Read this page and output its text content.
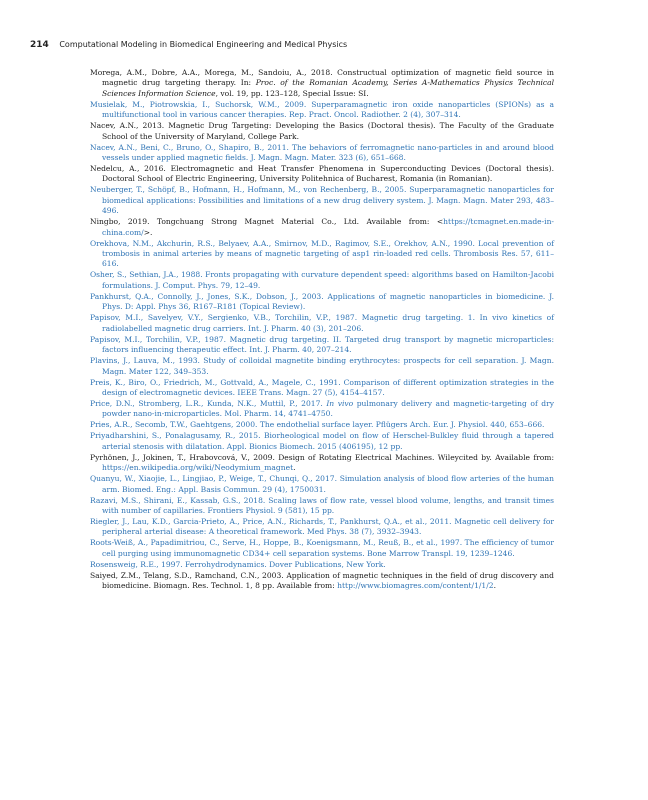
214 Computational Modeling in Biomedical Engineering and Medical Physics

Morega, A.M., Dobre, A.A., Morega, M., Sandoiu, A., 2018. Constructual optimization of magnetic field source in magnetic drug targeting therapy. In: Proc. of the Romanian Academy, Series A-Mathematics Physics Technical Sciences Information Science, vol. 19, pp. 123–128, Special Issue: SI.

Musielak, M., Piotrowskia, I., Suchorsk, W.M., 2009. Superparamagnetic iron oxide nanoparticles (SPIONs) as a multifunctional tool in various cancer therapies. Rep. Pract. Oncol. Radiother. 2 (4), 307–314.

Nacev, A.N., 2013. Magnetic Drug Targeting: Developing the Basics (Doctoral thesis). The Faculty of the Graduate School of the University of Maryland, College Park.

Nacev, A.N., Beni, C., Bruno, O., Shapiro, B., 2011. The behaviors of ferromagnetic nano-particles in and around blood vessels under applied magnetic fields. J. Magn. Magn. Mater. 323 (6), 651–668.

Nedelcu, A., 2016. Electromagnetic and Heat Transfer Phenomena in Superconducting Devices (Doctoral thesis). Doctoral School of Electric Engineering, University Politehnica of Bucharest, Romania (in Romanian).

Neuberger, T., Schöpf, B., Hofmann, H., Hofmann, M., von Rechenberg, B., 2005. Superparamagnetic nanoparticles for biomedical applications: Possibilities and limitations of a new drug delivery system. J. Magn. Magn. Mater 293, 483–496.

Ningbo, 2019. Tongchuang Strong Magnet Material Co., Ltd. Available from: <https://tcmagnet.en.made-in-china.com/>.

Orekhova, N.M., Akchurin, R.S., Belyaev, A.A., Smirnov, M.D., Ragimov, S.E., Orekhov, A.N., 1990. Local prevention of trombosis in animal arteries by means of magnetic targeting of asp1 rin-loaded red cells. Thrombosis Res. 57, 611–616.

Osher, S., Sethian, J.A., 1988. Fronts propagating with curvature dependent speed: algorithms based on Hamilton-Jacobi formulations. J. Comput. Phys. 79, 12–49.

Pankhurst, Q.A., Connolly, J., Jones, S.K., Dobson, J., 2003. Applications of magnetic nanoparticles in biomedicine. J. Phys. D: Appl. Phys 36, R167–R181 (Topical Review).

Papisov, M.I., Savelyev, V.Y., Sergienko, V.B., Torchilin, V.P., 1987. Magnetic drug targeting. 1. In vivo kinetics of radiolabelled magnetic drug carriers. Int. J. Pharm. 40 (3), 201–206.

Papisov, M.I., Torchilin, V.P., 1987. Magnetic drug targeting. II. Targeted drug transport by magnetic microparticles: factors influencing therapeutic effect. Int. J. Pharm. 40, 207–214.

Plavins, J., Lauva, M., 1993. Study of colloidal magnetite binding erythrocytes: prospects for cell separation. J. Magn. Magn. Mater 122, 349–353.

Preis, K., Biro, O., Friedrich, M., Gottvald, A., Magele, C., 1991. Comparison of different optimization strategies in the design of electromagnetic devices. IEEE Trans. Magn. 27 (5), 4154–4157.

Price, D.N., Stromberg, L.R., Kunda, N.K., Muttil, P., 2017. In vivo pulmonary delivery and magnetic-targeting of dry powder nano-in-microparticles. Mol. Pharm. 14, 4741–4750.

Pries, A.R., Secomb, T.W., Gaehtgens, 2000. The endothelial surface layer. Pflügers Arch. Eur. J. Physiol. 440, 653–666.

Priyadharshini, S., Ponalagusamy, R., 2015. Biorheological model on flow of Herschel-Bulkley fluid through a tapered arterial stenosis with dilatation. Appl. Bionics Biomech. 2015 (406195), 12 pp.

Pyrhönen, J., Jokinen, T., Hrabovcová, V., 2009. Design of Rotating Electrical Machines. Wileycited by. Available from: https://en.wikipedia.org/wiki/Neodymium_magnet.

Quanyu, W., Xiaojie, L., Lingjiao, P., Weige, T., Chunqi, Q., 2017. Simulation analysis of blood flow arteries of the human arm. Biomed. Eng.: Appl. Basis Commun. 29 (4), 1750031.

Razavi, M.S., Shirani, E., Kassab, G.S., 2018. Scaling laws of flow rate, vessel blood volume, lengths, and transit times with number of capillaries. Frontiers Physiol. 9 (581), 15 pp.

Riegler, J., Lau, K.D., Garcia-Prieto, A., Price, A.N., Richards, T., Pankhurst, Q.A., et al., 2011. Magnetic cell delivery for peripheral arterial disease: A theoretical framework. Med Phys. 38 (7), 3932–3943.

Roots-Weiß, A., Papadimitriou, C., Serve, H., Hoppe, B., Koenigsmann, M., Reuß, B., et al., 1997. The efficiency of tumor cell purging using immunomagnetic CD34+ cell separation systems. Bone Marrow Transpl. 19, 1239–1246.

Rosensweig, R.E., 1997. Ferrohydrodynamics. Dover Publications, New York.

Saiyed, Z.M., Telang, S.D., Ramchand, C.N., 2003. Application of magnetic techniques in the field of drug discovery and biomedicine. Biomagn. Res. Technol. 1, 8 pp. Available from: http://www.biomagres.com/content/1/1/2.
